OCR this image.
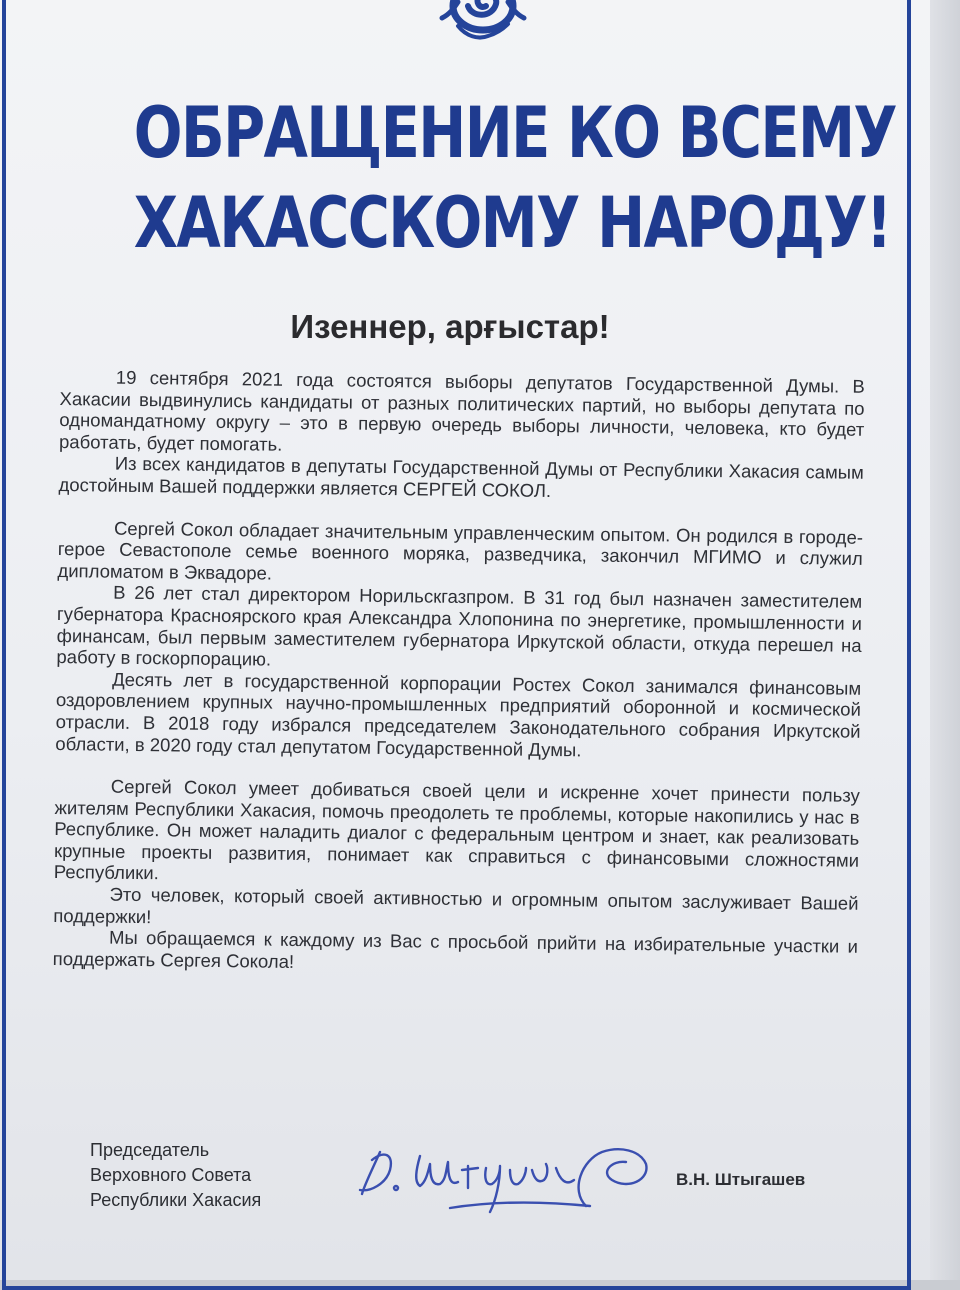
ОБРАЩЕНИЕ КО ВСЕМУ
ХАКАССКОМУ НАРОДУ!
Изеннер, арғыстар!

19 сентября 2021 года состоятся выборы депутатов Государственной Думы. В Хакасии выдвинулись кандидаты от разных политических партий, но выборы депутата по одномандатному округу – это в первую очередь выборы личности, человека, кто будет работать, будет помогать.

Из всех кандидатов в депутаты Государственной Думы от Республики Хакасия самым достойным Вашей поддержки является СЕРГЕЙ СОКОЛ.

Сергей Сокол обладает значительным управленческим опытом. Он родился в городе-герое Севастополе семье военного моряка, разведчика, закончил МГИМО и служил дипломатом в Эквадоре.

В 26 лет стал директором Норильскгазпром. В 31 год был назначен заместителем губернатора Красноярского края Александра Хлопонина по энергетике, промышленности и финансам, был первым заместителем губернатора Иркутской области, откуда перешел на работу в госкорпорацию.

Десять лет в государственной корпорации Ростех Сокол занимался финансовым оздоровлением крупных научно-промышленных предприятий оборонной и космической отрасли. В 2018 году избрался председателем Законодательного собрания Иркутской области, в 2020 году стал депутатом Государственной Думы.

Сергей Сокол умеет добиваться своей цели и искренне хочет принести пользу жителям Республики Хакасия, помочь преодолеть те проблемы, которые накопились у нас в Республике. Он может наладить диалог с федеральным центром и знает, как реализовать крупные проекты развития, понимает как справиться с финансовыми сложностями Республики.

Это человек, который своей активностью и огромным опытом заслуживает Вашей поддержки!

Мы обращаемся к каждому из Вас с просьбой прийти на избирательные участки и поддержать Сергея Сокола!

Председатель
Верховного Совета
Республики Хакасия
В.Н. Штыгашев
